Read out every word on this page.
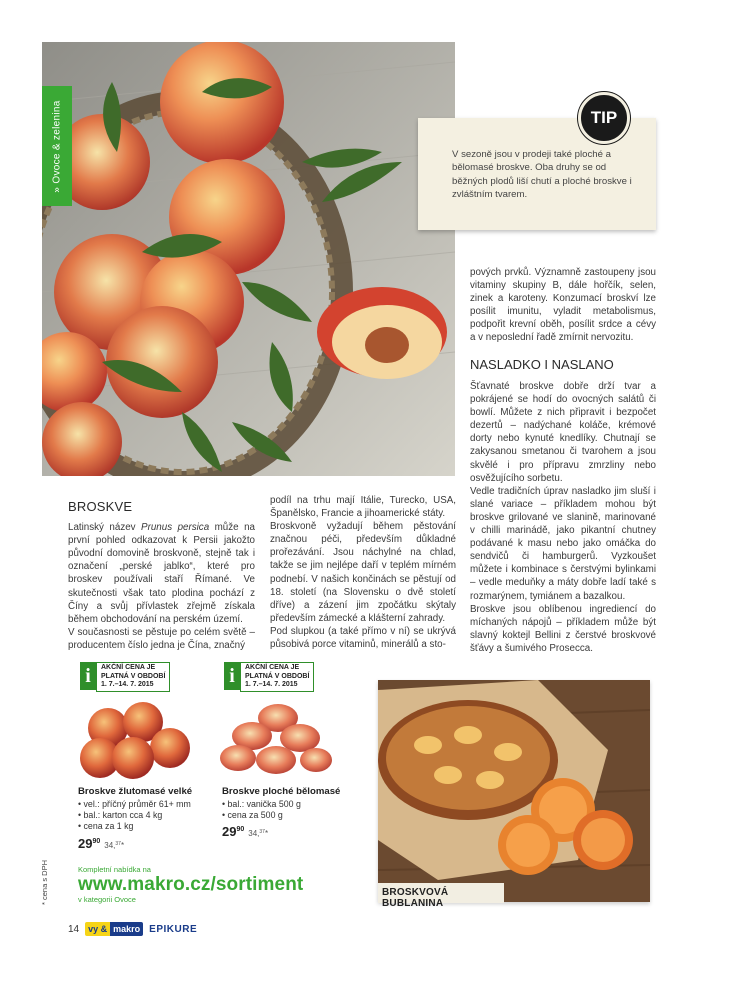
» Ovoce & zelenina	V sezoně jsou v prodeji také ploché a bělomasé broskve. Oba druhy se od běžných plodů liší chutí a ploché broskve i zvláštním tvarem.

TIP
BROSKVE

Latinský název Prunus persica může na první pohled odkazovat k Persii jakožto původní domovině broskvoně, stejně tak i označení „perské jablko“, které pro broskev používali staří Římané. Ve skutečnosti však tato plodina pochází z Číny a svůj přívlastek zřejmě získala během obchodování na perském území.

V současnosti se pěstuje po celém světě – producentem číslo jedna je Čína, značný

podíl na trhu mají Itálie, Turecko, USA, Španělsko, Francie a jihoamerické státy.

Broskvoně vyžadují během pěstování značnou péči, především důkladné prořezávání. Jsou náchylné na chlad, takže se jim nejlépe daří v teplém mírném podnebí. V našich končinách se pěstují od 18. století (na Slovensku o dvě století dříve) a zázení jim zpočátku skýtaly především zámecké a klášterní zahrady.

Pod slupkou (a také přímo v ní) se ukrývá působivá porce vitaminů, minerálů a sto-

pových prvků. Významně zastoupeny jsou vitaminy skupiny B, dále hořčík, selen, zinek a karoteny. Konzumací broskví lze posílit imunitu, vyladit metabolismus, podpořit krevní oběh, posílit srdce a cévy a v neposlední řadě zmírnit nervozitu.

NASLADKO I NASLANO

Šťavnaté broskve dobře drží tvar a pokrájené se hodí do ovocných salátů či bowlí. Můžete z nich připravit i bezpočet dezertů – nadýchané koláče, krémové dorty nebo kynuté knedlíky. Chutnají se zakysanou smetanou či tvarohem a jsou skvělé i pro přípravu zmrzliny nebo osvěžujícího sorbetu.

Vedle tradičních úprav nasladko jim sluší i slané variace – příkladem mohou být broskve grilované ve slanině, marinované v chilli marinádě, jako pikantní chutney podávané k masu nebo jako omáčka do sendvičů či hamburgerů. Vyzkoušet můžete i kombinace s čerstvými bylinkami – vedle meduňky a máty dobře ladí také s rozmarýnem, tymiánem a bazalkou.

Broskve jsou oblíbenou ingrediencí do míchaných nápojů – příkladem může být slavný koktejl Bellini z čerstvé broskvové šťávy a šumivého Prosecca.

i	AKČNÍ CENA JE
PLATNÁ V OBDOBÍ
1. 7.–14. 7. 2015	i	AKČNÍ CENA JE
PLATNÁ V OBDOBÍ
1. 7.–14. 7. 2015
Broskve žlutomasé velké
• vel.: příčný průměr 61+ mm
• bal.: karton cca 4 kg
• cena za 1 kg
29 90 34,37*
Broskve ploché bělomasé
• bal.: vanička 500 g
• cena za 500 g
29 90 34,37*
* cena s DPH	Kompletní nabídka na
www.makro.cz/sortiment
v kategorii Ovoce
BROSKVOVÁ BUBLANINA
14	vy & makro EPIKURE
